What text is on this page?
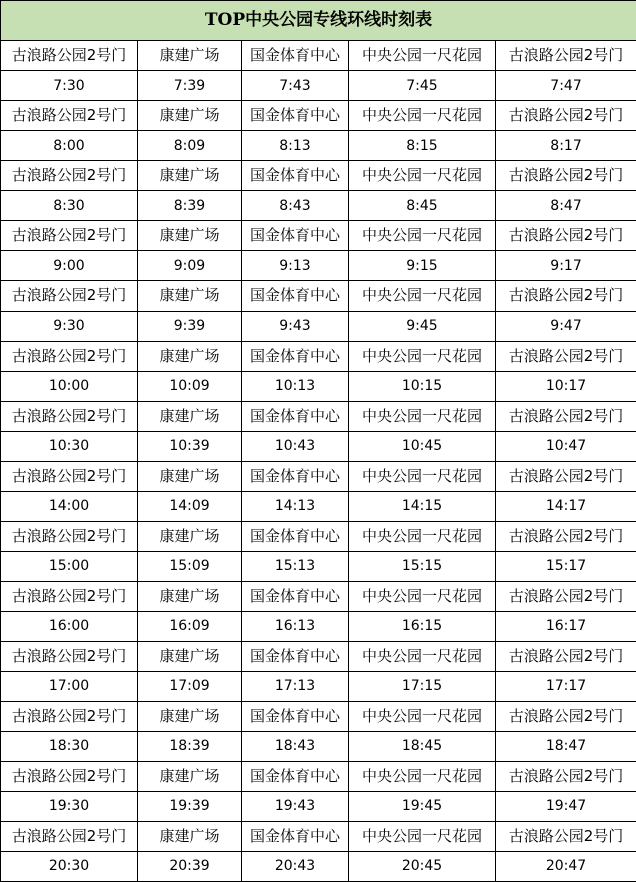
TOP中央公园专线环线时刻表				
古浪路公园2号门	康建广场	国金体育中心	中央公园一尺花园	古浪路公园2号门
7:30	7:39	7:43	7:45	7:47
古浪路公园2号门	康建广场	国金体育中心	中央公园一尺花园	古浪路公园2号门
8:00	8:09	8:13	8:15	8:17
古浪路公园2号门	康建广场	国金体育中心	中央公园一尺花园	古浪路公园2号门
8:30	8:39	8:43	8:45	8:47
古浪路公园2号门	康建广场	国金体育中心	中央公园一尺花园	古浪路公园2号门
9:00	9:09	9:13	9:15	9:17
古浪路公园2号门	康建广场	国金体育中心	中央公园一尺花园	古浪路公园2号门
9:30	9:39	9:43	9:45	9:47
古浪路公园2号门	康建广场	国金体育中心	中央公园一尺花园	古浪路公园2号门
10:00	10:09	10:13	10:15	10:17
古浪路公园2号门	康建广场	国金体育中心	中央公园一尺花园	古浪路公园2号门
10:30	10:39	10:43	10:45	10:47
古浪路公园2号门	康建广场	国金体育中心	中央公园一尺花园	古浪路公园2号门
14:00	14:09	14:13	14:15	14:17
古浪路公园2号门	康建广场	国金体育中心	中央公园一尺花园	古浪路公园2号门
15:00	15:09	15:13	15:15	15:17
古浪路公园2号门	康建广场	国金体育中心	中央公园一尺花园	古浪路公园2号门
16:00	16:09	16:13	16:15	16:17
古浪路公园2号门	康建广场	国金体育中心	中央公园一尺花园	古浪路公园2号门
17:00	17:09	17:13	17:15	17:17
古浪路公园2号门	康建广场	国金体育中心	中央公园一尺花园	古浪路公园2号门
18:30	18:39	18:43	18:45	18:47
古浪路公园2号门	康建广场	国金体育中心	中央公园一尺花园	古浪路公园2号门
19:30	19:39	19:43	19:45	19:47
古浪路公园2号门	康建广场	国金体育中心	中央公园一尺花园	古浪路公园2号门
20:30	20:39	20:43	20:45	20:47
